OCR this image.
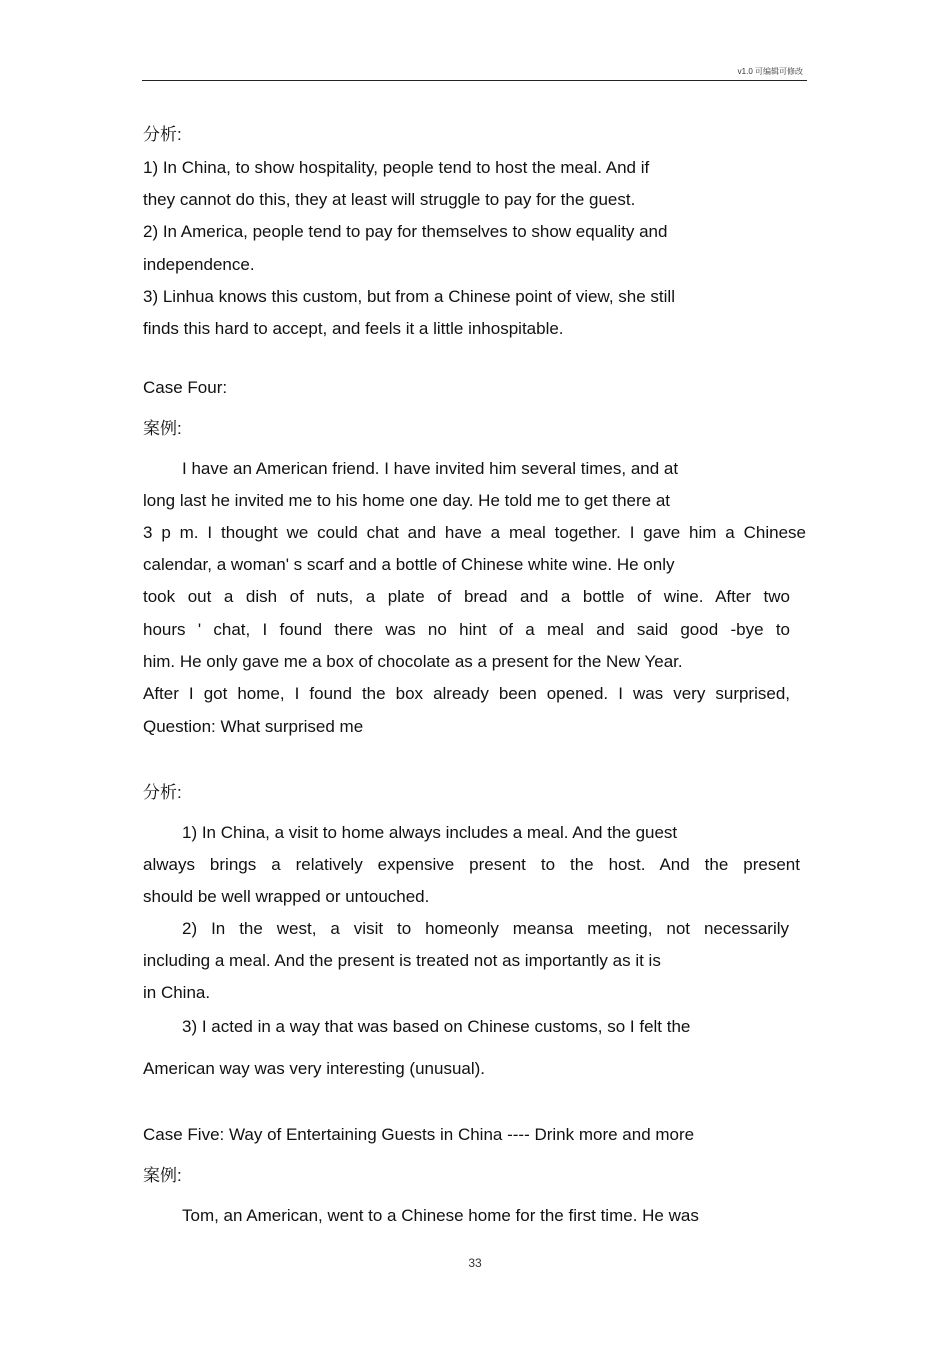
v1.0 可编辑可修改
分析:
1) In China, to show hospitality, people tend to host the meal. And if
they cannot do this, they at least will struggle to pay for the guest.
2) In America, people tend to pay for themselves to show equality and
independence.
3) Linhua knows this custom, but from a Chinese point of view, she still
finds this hard to accept, and feels it a little inhospitable.
Case Four:
案例:
I have an American friend. I have invited him several times, and at
long last he invited me to his home one day. He told me to get there at
3 p m. I thought we could chat and have a meal together. I gave him a Chinese
calendar, a woman' s scarf and a bottle of Chinese white wine. He only
took out a dish of nuts, a plate of bread and a bottle of wine. After two
hours ' chat, I found there was no hint of a meal and said good -bye to
him. He only gave me a box of chocolate as a present for the New Year.
After I got home, I found the box already been opened. I was very surprised,
Question: What surprised me
分析:
1) In China, a visit to home always includes a meal. And the guest
always brings a relatively expensive present to the host. And the present
should be well wrapped or untouched.
2) In the west, a visit to homeonly meansa meeting, not necessarily
including a meal. And the present is treated not as importantly as it is
in China.
3) I acted in a way that was based on Chinese customs, so I felt the
American way was very interesting (unusual).
Case Five: Way of Entertaining Guests in China ---- Drink more and more
案例:
Tom, an American, went to a Chinese home for the first time. He was
33
